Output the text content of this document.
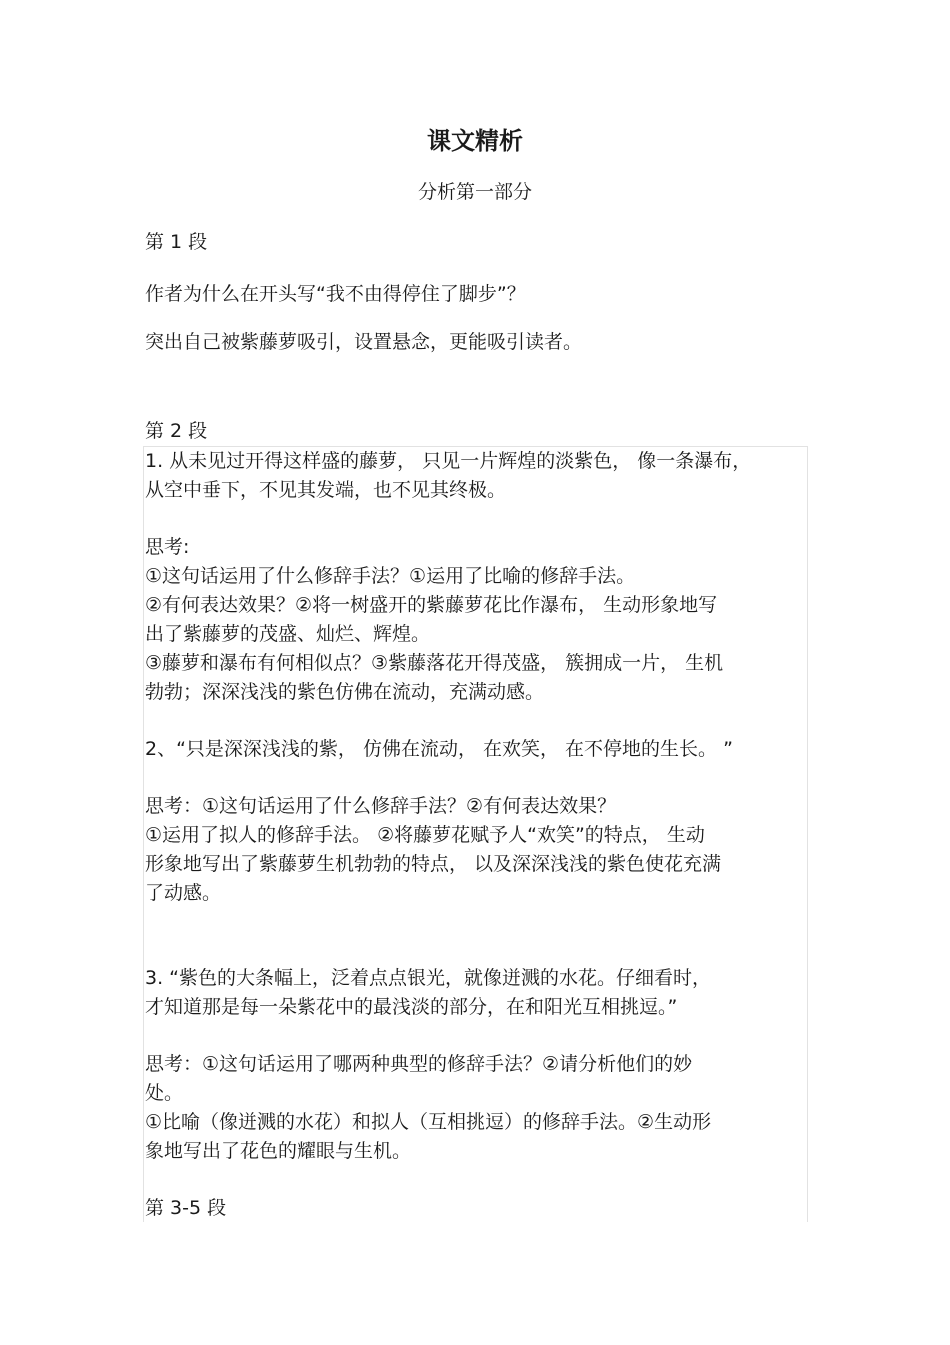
课文精析
分析第一部分
第 1 段
作者为什么在开头写“我不由得停住了脚步”？
突出自己被紫藤萝吸引，设置悬念，更能吸引读者。
第 2 段
1. 从未见过开得这样盛的藤萝， 只见一片辉煌的淡紫色， 像一条瀑布，
从空中垂下，不见其发端，也不见其终极。
思考:
①这句话运用了什么修辞手法？①运用了比喻的修辞手法。
②有何表达效果？②将一树盛开的紫藤萝花比作瀑布， 生动形象地写
出了紫藤萝的茂盛、灿烂、辉煌。
③藤萝和瀑布有何相似点？③紫藤落花开得茂盛， 簇拥成一片， 生机
勃勃；深深浅浅的紫色仿佛在流动，充满动感。
2、“只是深深浅浅的紫， 仿佛在流动， 在欢笑， 在不停地的生长。 ”
思考：①这句话运用了什么修辞手法？②有何表达效果？
①运用了拟人的修辞手法。 ②将藤萝花赋予人“欢笑”的特点， 生动
形象地写出了紫藤萝生机勃勃的特点， 以及深深浅浅的紫色使花充满
了动感。
3. “紫色的大条幅上，泛着点点银光，就像迸溅的水花。仔细看时，
才知道那是每一朵紫花中的最浅淡的部分，在和阳光互相挑逗。”
思考：①这句话运用了哪两种典型的修辞手法？②请分析他们的妙
处。
①比喻（像迸溅的水花）和拟人（互相挑逗）的修辞手法。②生动形
象地写出了花色的耀眼与生机。
第 3-5 段
